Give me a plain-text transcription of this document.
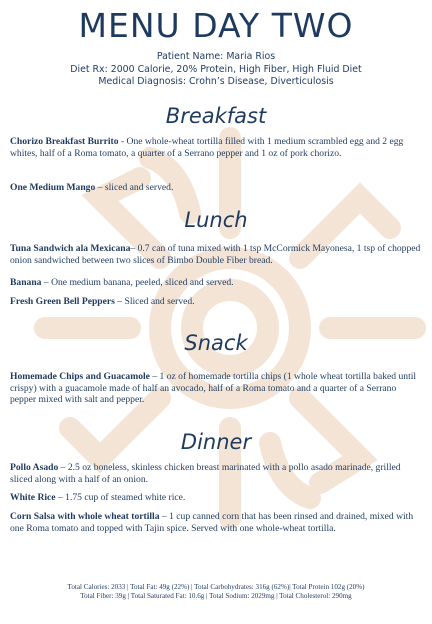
MENU DAY TWO
Patient Name: Maria Rios
Diet Rx: 2000 Calorie, 20% Protein, High Fiber, High Fluid Diet
Medical Diagnosis: Crohn’s Disease, Diverticulosis
Breakfast
Chorizo Breakfast Burrito - One whole-wheat tortilla filled with 1 medium scrambled egg and 2 egg whites, half of a Roma tomato, a quarter of a Serrano pepper and 1 oz of pork chorizo.
One Medium Mango – sliced and served.
Lunch
Tuna Sandwich ala Mexicana– 0.7 can of tuna mixed with 1 tsp McCormick Mayonesa, 1 tsp of chopped onion sandwiched between two slices of Bimbo Double Fiber bread.
Banana – One medium banana, peeled, sliced and served.
Fresh Green Bell Peppers – Sliced and served.
Snack
Homemade Chips and Guacamole – 1 oz of homemade tortilla chips (1 whole wheat tortilla baked until crispy) with a guacamole made of half an avocado, half of a Roma tomato and a quarter of a Serrano pepper mixed with salt and pepper.
Dinner
Pollo Asado – 2.5 oz boneless, skinless chicken breast marinated with a pollo asado marinade, grilled sliced along with a half of an onion.
White Rice – 1.75 cup of steamed white rice.
Corn Salsa with whole wheat tortilla – 1 cup canned corn that has been rinsed and drained, mixed with one Roma tomato and topped with Tajin spice. Served with one whole-wheat tortilla.
Total Calories: 2033 | Total Fat: 49g (22%) | Total Carbohydrates: 316g (62%)| Total Protein 102g (20%)
Total Fiber: 39g | Total Saturated Fat: 10.6g | Total Sodium: 2029mg | Total Cholesterol: 290mg
